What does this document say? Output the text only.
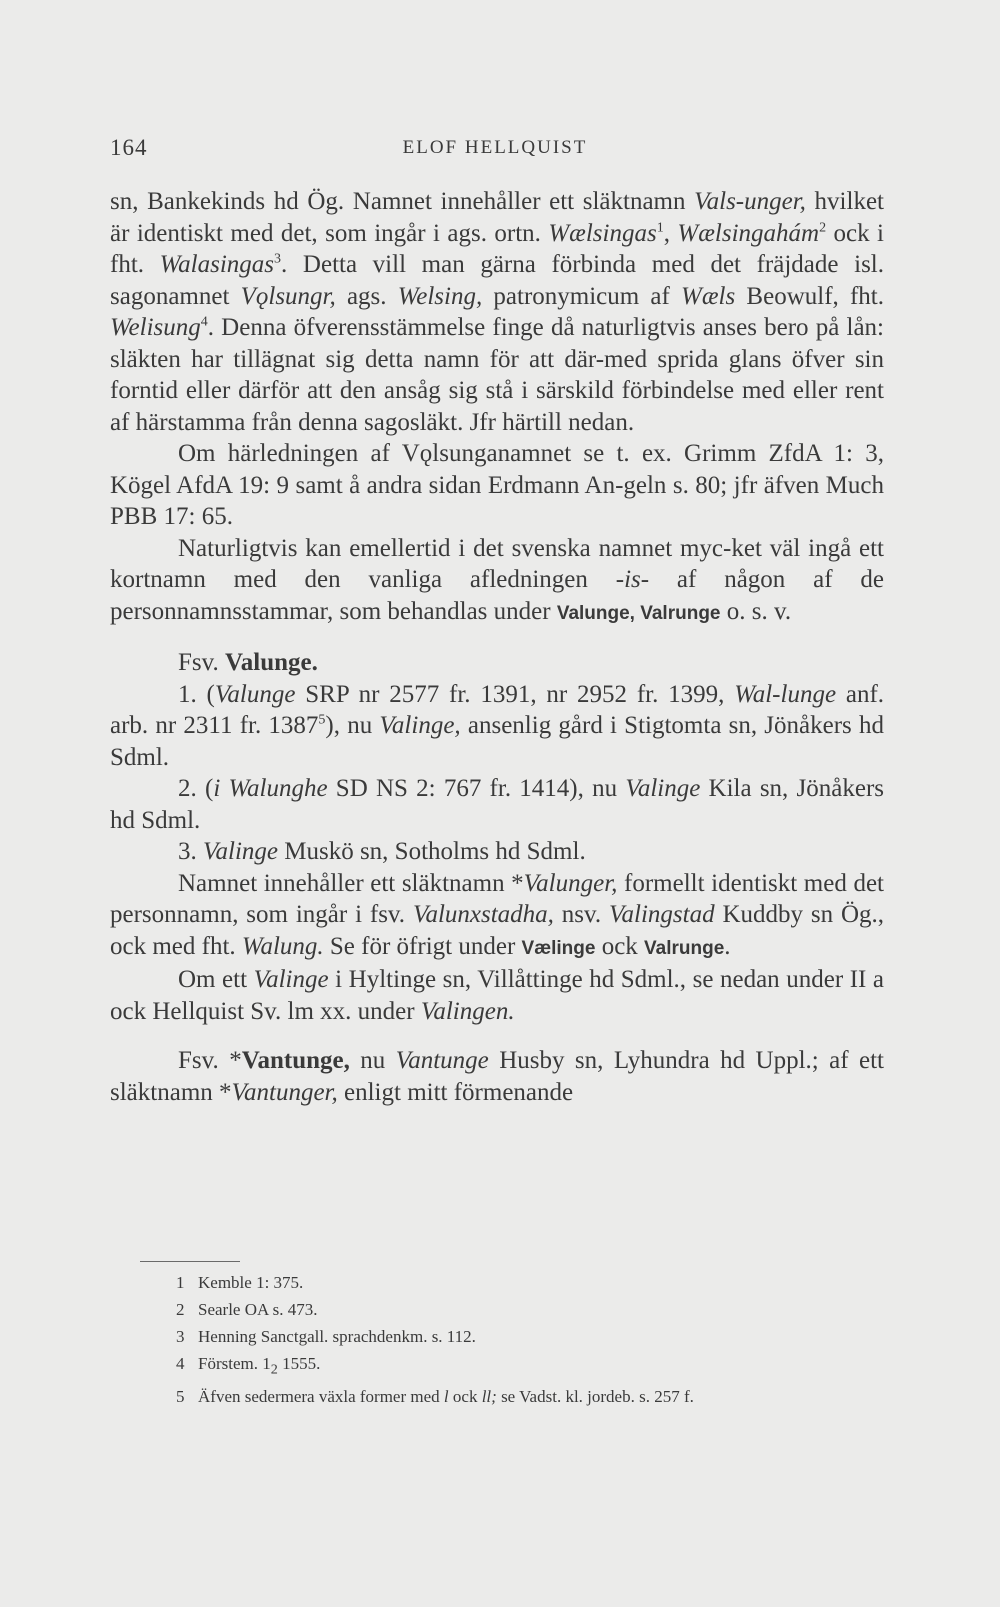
164	ELOF HELLQUIST

sn, Bankekinds hd Ög. Namnet innehåller ett släktnamn Vals-unger, hvilket är identiskt med det, som ingår i ags. ortn. Wælsingas$^1$, Wælsingahám$^2$ ock i fht. Walasingas$^3$. Detta vill man gärna förbinda med det fräjdade isl. sagonamnet Vǫlsungr, ags. Welsing, patronymicum af Wæls Beowulf, fht. Welisung$^4$. Denna öfverensstämmelse finge då naturligtvis anses bero på lån: släkten har tillägnat sig detta namn för att där-med sprida glans öfver sin forntid eller därför att den ansåg sig stå i särskild förbindelse med eller rent af härstamma från denna sagosläkt. Jfr härtill nedan.

Om härledningen af Vǫlsunganamnet se t. ex. Grimm ZfdA 1: 3, Kögel AfdA 19: 9 samt å andra sidan Erdmann An-geln s. 80; jfr äfven Much PBB 17: 65.

Naturligtvis kan emellertid i det svenska namnet myc-ket väl ingå ett kortnamn med den vanliga afledningen -is- af någon af de personnamnsstammar, som behandlas under Valunge, Valrunge o. s. v.

Fsv. Valunge.

1. (Valunge SRP nr 2577 fr. 1391, nr 2952 fr. 1399, Wal-lunge anf. arb. nr 2311 fr. 1387$^5$), nu Valinge, ansenlig gård i Stigtomta sn, Jönåkers hd Sdml.

2. (i Walunghe SD NS 2: 767 fr. 1414), nu Valinge Kila sn, Jönåkers hd Sdml.

3. Valinge Muskö sn, Sotholms hd Sdml.

Namnet innehåller ett släktnamn *Valunger, formellt identiskt med det personnamn, som ingår i fsv. Valunxstadha, nsv. Valingstad Kuddby sn Ög., ock med fht. Walung. Se för öfrigt under Vælinge ock Valrunge.

Om ett Valinge i Hyltinge sn, Villåttinge hd Sdml., se nedan under II a ock Hellquist Sv. lm xx. under Valingen.

Fsv. *Vantunge, nu Vantunge Husby sn, Lyhundra hd Uppl.; af ett släktnamn *Vantunger, enligt mitt förmenande

1 Kemble 1: 375.

2 Searle OA s. 473.

3 Henning Sanctgall. sprachdenkm. s. 112.

4 Förstem. $1_2$ 1555.

5 Äfven sedermera växla former med l ock ll; se Vadst. kl. jordeb. s. 257 f.
